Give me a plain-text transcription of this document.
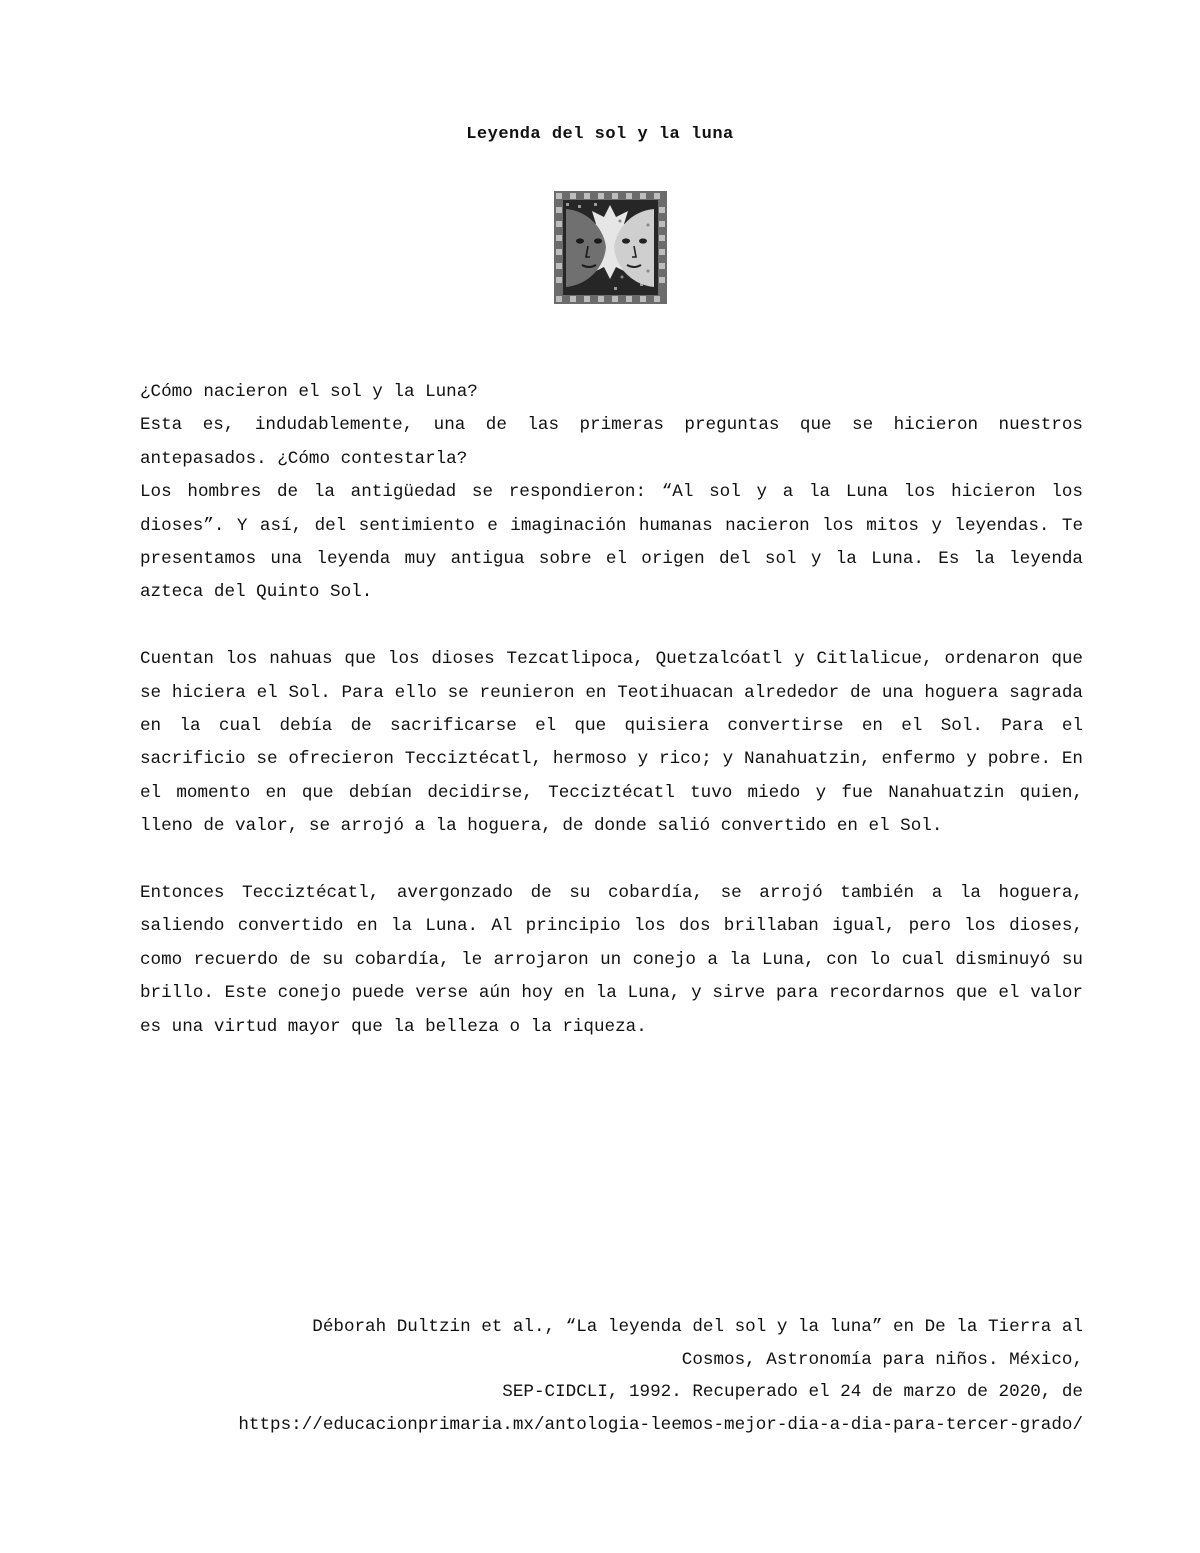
Leyenda del sol y la luna

¿Cómo nacieron el sol y la Luna?

Esta es, indudablemente, una de las primeras preguntas que se hicieron nuestros antepasados. ¿Cómo contestarla?

Los hombres de la antigüedad se respondieron: “Al sol y a la Luna los hicieron los dioses”. Y así, del sentimiento e imaginación humanas nacieron los mitos y leyendas. Te presentamos una leyenda muy antigua sobre el origen del sol y la Luna. Es la leyenda azteca del Quinto Sol.

Cuentan los nahuas que los dioses Tezcatlipoca, Quetzalcóatl y Citlalicue, ordenaron que se hiciera el Sol. Para ello se reunieron en Teotihuacan alrededor de una hoguera sagrada en la cual debía de sacrificarse el que quisiera convertirse en el Sol. Para el sacrificio se ofrecieron Tecciztécatl, hermoso y rico; y Nanahuatzin, enfermo y pobre. En el momento en que debían decidirse, Tecciztécatl tuvo miedo y fue Nanahuatzin quien, lleno de valor, se arrojó a la hoguera, de donde salió convertido en el Sol.

Entonces Tecciztécatl, avergonzado de su cobardía, se arrojó también a la hoguera, saliendo convertido en la Luna. Al principio los dos brillaban igual, pero los dioses, como recuerdo de su cobardía, le arrojaron un conejo a la Luna, con lo cual disminuyó su brillo. Este conejo puede verse aún hoy en la Luna, y sirve para recordarnos que el valor es una virtud mayor que la belleza o la riqueza.

Déborah Dultzin et al., “La leyenda del sol y la luna” en De la Tierra al
Cosmos, Astronomía para niños. México,
SEP-CIDCLI, 1992. Recuperado el 24 de marzo de 2020, de
https://educacionprimaria.mx/antologia-leemos-mejor-dia-a-dia-para-tercer-grado/
